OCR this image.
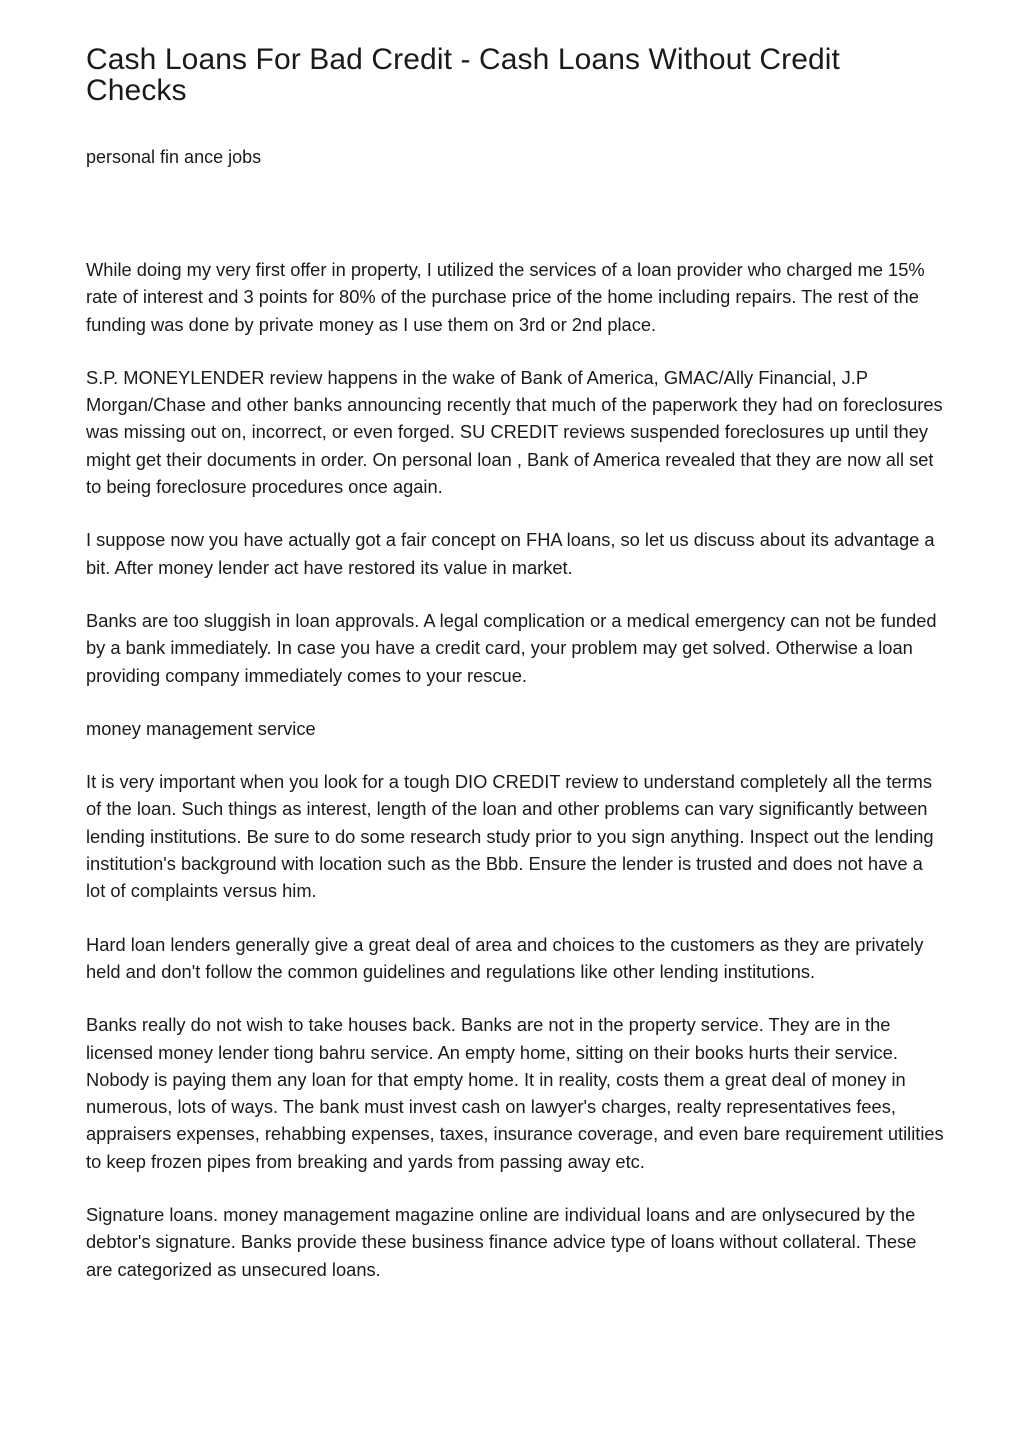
Cash Loans For Bad Credit - Cash Loans Without Credit Checks

personal fin ance jobs

While doing my very first offer in property, I utilized the services of a loan provider who charged me 15% rate of interest and 3 points for 80% of the purchase price of the home including repairs. The rest of the funding was done by private money as I use them on 3rd or 2nd place.

S.P. MONEYLENDER review happens in the wake of Bank of America, GMAC/Ally Financial, J.P Morgan/Chase and other banks announcing recently that much of the paperwork they had on foreclosures was missing out on, incorrect, or even forged. SU CREDIT reviews suspended foreclosures up until they might get their documents in order. On personal loan , Bank of America revealed that they are now all set to being foreclosure procedures once again.

I suppose now you have actually got a fair concept on FHA loans, so let us discuss about its advantage a bit. After money lender act have restored its value in market.

Banks are too sluggish in loan approvals. A legal complication or a medical emergency can not be funded by a bank immediately. In case you have a credit card, your problem may get solved. Otherwise a loan providing company immediately comes to your rescue.

money management service

It is very important when you look for a tough DIO CREDIT review to understand completely all the terms of the loan. Such things as interest, length of the loan and other problems can vary significantly between lending institutions. Be sure to do some research study prior to you sign anything. Inspect out the lending institution's background with location such as the Bbb. Ensure the lender is trusted and does not have a lot of complaints versus him.

Hard loan lenders generally give a great deal of area and choices to the customers as they are privately held and don't follow the common guidelines and regulations like other lending institutions.

Banks really do not wish to take houses back. Banks are not in the property service. They are in the licensed money lender tiong bahru service. An empty home, sitting on their books hurts their service. Nobody is paying them any loan for that empty home. It in reality, costs them a great deal of money in numerous, lots of ways. The bank must invest cash on lawyer's charges, realty representatives fees, appraisers expenses, rehabbing expenses, taxes, insurance coverage, and even bare requirement utilities to keep frozen pipes from breaking and yards from passing away etc.

Signature loans. money management magazine online are individual loans and are onlysecured by the debtor's signature. Banks provide these business finance advice type of loans without collateral. These are categorized as unsecured loans.
